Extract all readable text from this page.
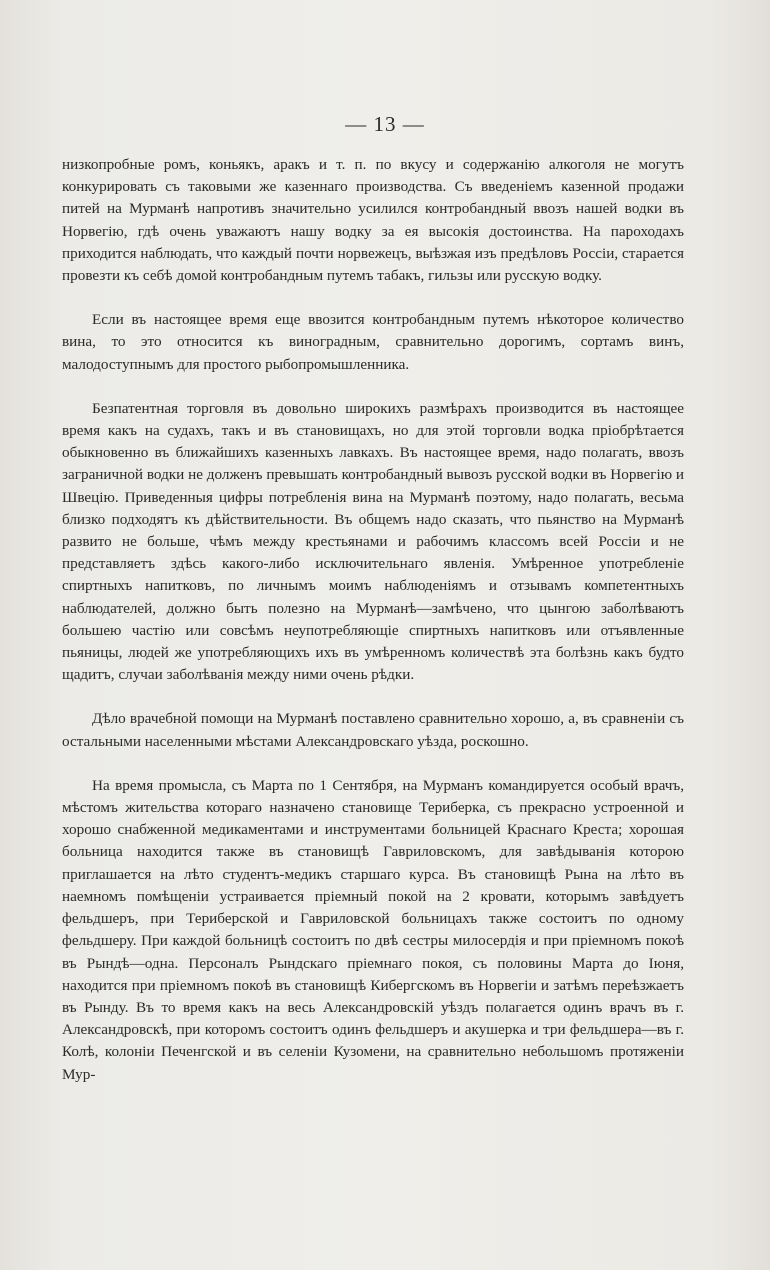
— 13 —

низкопробные ромъ, коньякъ, аракъ и т. п. по вкусу и содержанію алкоголя не могутъ конкурировать съ таковыми же казеннаго производства. Съ введеніемъ казенной продажи питей на Мурманѣ напротивъ значительно усилился контробандный ввозъ нашей водки въ Норвегію, гдѣ очень уважаютъ нашу водку за ея высокія достоинства. На пароходахъ приходится наблюдать, что каждый почти норвежецъ, выѣзжая изъ предѣловъ Россіи, старается провезти къ себѣ домой контробандным путемъ табакъ, гильзы или русскую водку.

Если въ настоящее время еще ввозится контробандным путемъ нѣкоторое количество вина, то это относится къ виноградным, сравнительно дорогимъ, сортамъ винъ, малодоступнымъ для простого рыбопромышленника.

Безпатентная торговля въ довольно широкихъ размѣрахъ производится въ настоящее время какъ на судахъ, такъ и въ становищахъ, но для этой торговли водка пріобрѣтается обыкновенно въ ближайшихъ казенныхъ лавкахъ. Въ настоящее время, надо полагать, ввозъ заграничной водки не долженъ превышать контробандный вывозъ русской водки въ Норвегію и Швецію. Приведенныя цифры потребленія вина на Мурманѣ поэтому, надо полагать, весьма близко подходятъ къ дѣйствительности. Въ общемъ надо сказать, что пьянство на Мурманѣ развито не больше, чѣмъ между крестьянами и рабочимъ классомъ всей Россіи и не представляетъ здѣсь какого-либо исключительнаго явленія. Умѣренное употребленіе спиртныхъ напитковъ, по личнымъ моимъ наблюденіямъ и отзывамъ компетентныхъ наблюдателей, должно быть полезно на Мурманѣ—замѣчено, что цынгою заболѣваютъ большею частію или совсѣмъ неупотребляющіе спиртныхъ напитковъ или отъявленные пьяницы, людей же употребляющихъ ихъ въ умѣренномъ количествѣ эта болѣзнь какъ будто щадитъ, случаи заболѣванія между ними очень рѣдки.

Дѣло врачебной помощи на Мурманѣ поставлено сравнительно хорошо, а, въ сравненіи съ остальными населенными мѣстами Александровскаго уѣзда, роскошно.

На время промысла, съ Марта по 1 Сентября, на Мурманъ командируется особый врачъ, мѣстомъ жительства котораго назначено становище Териберка, съ прекрасно устроенной и хорошо снабженной медикаментами и инструментами больницей Краснаго Креста; хорошая больница находится также въ становищѣ Гавриловскомъ, для завѣдыванія которою приглашается на лѣто студентъ-медикъ старшаго курса. Въ становищѣ Рына на лѣто въ наемномъ помѣщеніи устраивается пріемный покой на 2 кровати, которымъ завѣдуетъ фельдшеръ, при Териберской и Гавриловской больницахъ также состоитъ по одному фельдшеру. При каждой больницѣ состоитъ по двѣ сестры милосердія и при пріемномъ покоѣ въ Рындѣ—одна. Персоналъ Рындскаго пріемнаго покоя, съ половины Марта до Іюня, находится при пріемномъ покоѣ въ становищѣ Кибергскомъ въ Норвегіи и затѣмъ переѣзжаетъ въ Рынду. Въ то время какъ на весь Александровскій уѣздъ полагается одинъ врачъ въ г. Александровскѣ, при которомъ состоитъ одинъ фельдшеръ и акушерка и три фельдшера—въ г. Колѣ, колоніи Печенгской и въ селеніи Кузомени, на сравнительно небольшомъ протяженіи Мур-
